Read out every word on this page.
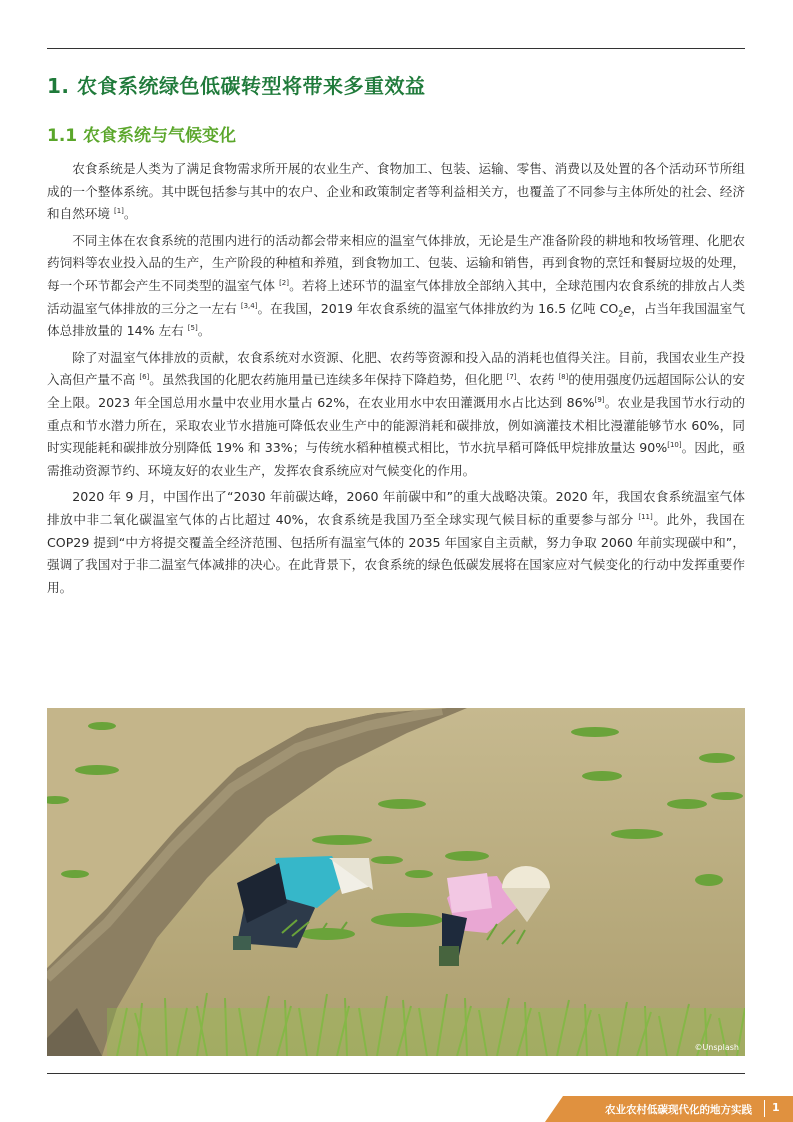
1. 农食系统绿色低碳转型将带来多重效益
1.1 农食系统与气候变化

农食系统是人类为了满足食物需求所开展的农业生产、食物加工、包装、运输、零售、消费以及处置的各个活动环节所组成的一个整体系统。其中既包括参与其中的农户、企业和政策制定者等利益相关方，也覆盖了不同参与主体所处的社会、经济和自然环境 [1]。

不同主体在农食系统的范围内进行的活动都会带来相应的温室气体排放，无论是生产准备阶段的耕地和牧场管理、化肥农药饲料等农业投入品的生产，生产阶段的种植和养殖，到食物加工、包装、运输和销售，再到食物的烹饪和餐厨垃圾的处理，每一个环节都会产生不同类型的温室气体 [2]。若将上述环节的温室气体排放全部纳入其中，全球范围内农食系统的排放占人类活动温室气体排放的三分之一左右 [3,4]。在我国，2019 年农食系统的温室气体排放约为 16.5 亿吨 $CO_2e$，占当年我国温室气体总排放量的 14% 左右 [5]。

除了对温室气体排放的贡献，农食系统对水资源、化肥、农药等资源和投入品的消耗也值得关注。目前，我国农业生产投入高但产量不高 [6]。虽然我国的化肥农药施用量已连续多年保持下降趋势，但化肥 [7]、农药 [8]的使用强度仍远超国际公认的安全上限。2023 年全国总用水量中农业用水量占 62%，在农业用水中农田灌溉用水占比达到 86%[9]。农业是我国节水行动的重点和节水潜力所在，采取农业节水措施可降低农业生产中的能源消耗和碳排放，例如滴灌技术相比漫灌能够节水 60%，同时实现能耗和碳排放分别降低 19% 和 33%；与传统水稻种植模式相比，节水抗旱稻可降低甲烷排放量达 90%[10]。因此，亟需推动资源节约、环境友好的农业生产，发挥农食系统应对气候变化的作用。

2020 年 9 月，中国作出了“2030 年前碳达峰，2060 年前碳中和”的重大战略决策。2020 年，我国农食系统温室气体排放中非二氧化碳温室气体的占比超过 40%，农食系统是我国乃至全球实现气候目标的重要参与部分 [11]。此外，我国在 COP29 提到“中方将提交覆盖全经济范围、包括所有温室气体的 2035 年国家自主贡献，努力争取 2060 年前实现碳中和”，强调了我国对于非二温室气体减排的决心。在此背景下，农食系统的绿色低碳发展将在国家应对气候变化的行动中发挥重要作用。

©Unsplash
农业农村低碳现代化的地方实践 1
